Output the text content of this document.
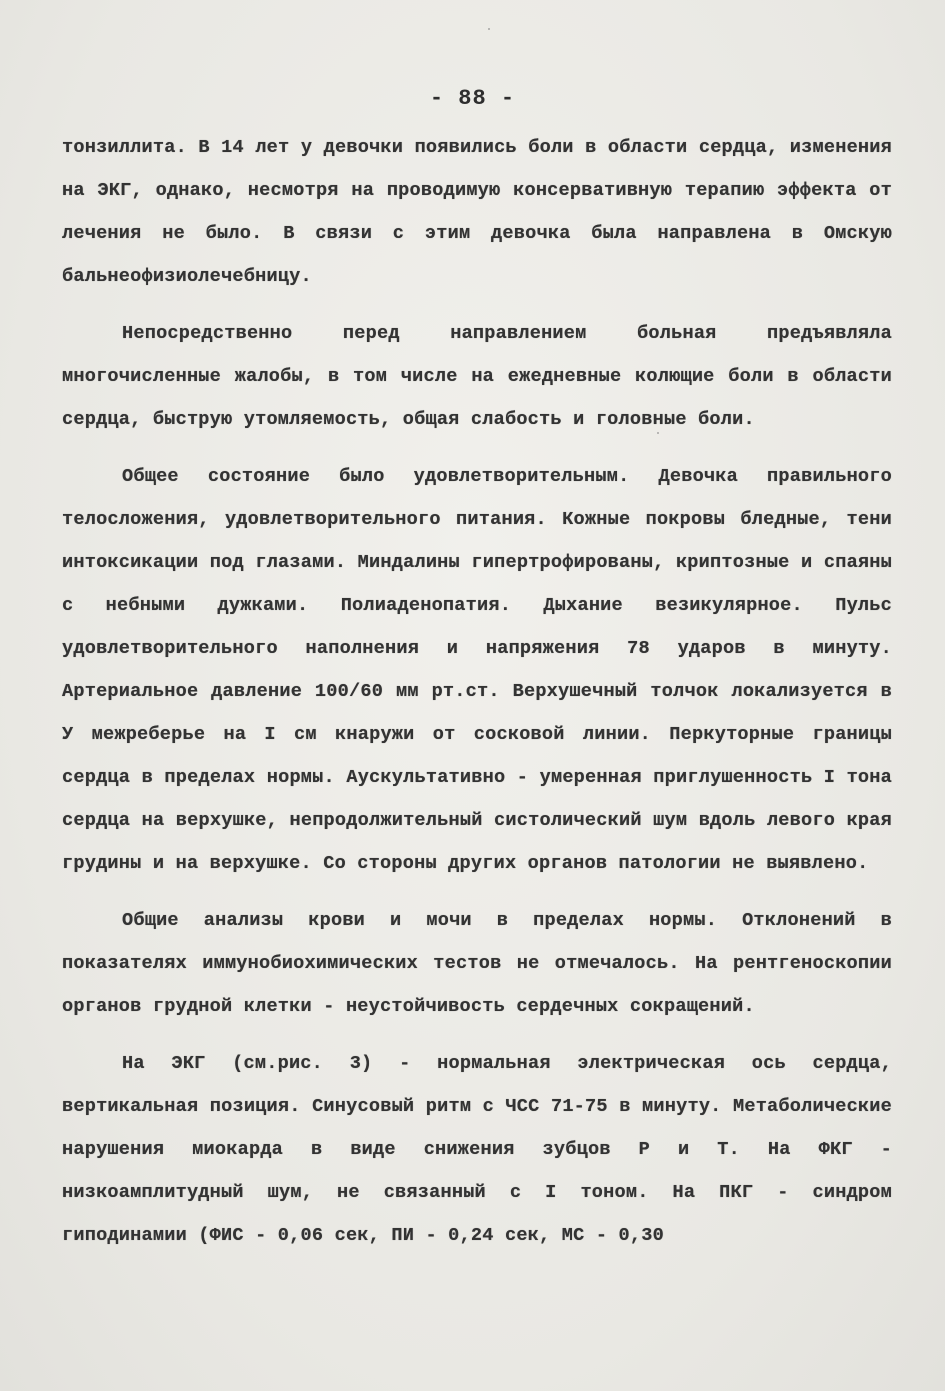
- 88 -

тонзиллита. В 14 лет у девочки появились боли в области сердца, изменения на ЭКГ, однако, несмотря на проводимую консервативную терапию эффекта от лечения не было. В связи с этим девочка была направлена в Омскую бальнеофизиолечебницу.

Непосредственно перед направлением больная предъявляла многочисленные жалобы, в том числе на ежедневные колющие боли в области сердца, быструю утомляемость, общая слабость и головные боли.

Общее состояние было удовлетворительным. Девочка правильного телосложения, удовлетворительного питания. Кожные покровы бледные, тени интоксикации под глазами. Миндалины гипертрофированы, криптозные и спаяны с небными дужками. Полиаденопатия. Дыхание везикулярное. Пульс удовлетворительного наполнения и напряжения 78 ударов в минуту. Артериальное давление 100/60 мм рт.ст. Верхушечный толчок локализуется в У межреберье на I см кнаружи от сосковой линии. Перкуторные границы сердца в пределах нормы. Аускультативно - умеренная приглушенность I тона сердца на верхушке, непродолжительный систолический шум вдоль левого края грудины и на верхушке. Со стороны других органов патологии не выявлено.

Общие анализы крови и мочи в пределах нормы. Отклонений в показателях иммунобиохимических тестов не отмечалось. На рентгеноскопии органов грудной клетки - неустойчивость сердечных сокращений.

На ЭКГ (см.рис. 3) - нормальная электрическая ось сердца, вертикальная позиция. Синусовый ритм с ЧСС 71-75 в минуту. Метаболические нарушения миокарда в виде снижения зубцов Р и Т. На ФКГ - низкоамплитудный шум, не связанный с I тоном. На ПКГ - синдром гиподинамии (ФИС - 0,06 сек, ПИ - 0,24 сек, МС - 0,30
